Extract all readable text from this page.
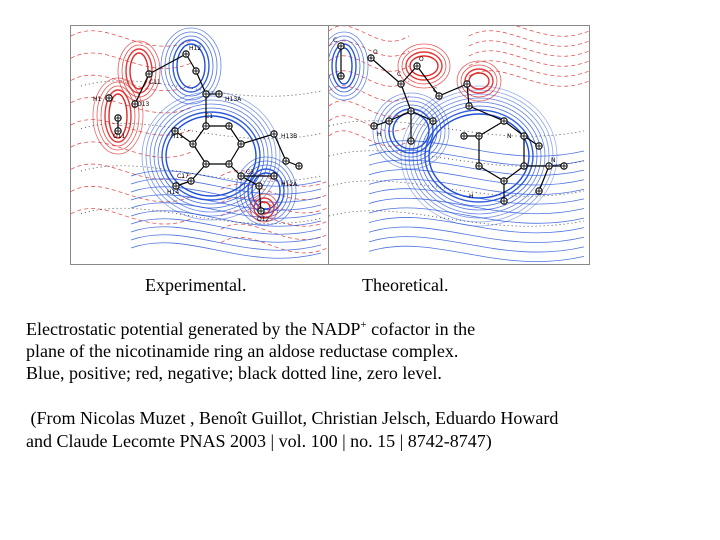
H1
O11
C11
O13
H12
H13A
C1
H11	H13B
C17
C3
H14
H12A
O12
C
O
C
O
N
H
C
H
N
Experimental.	Theoretical.

Electrostatic potential generated by the NADP+ cofactor in the

plane of the nicotinamide ring an aldose reductase complex.

Blue, positive; red, negative; black dotted line, zero level.

(From Nicolas Muzet , Benoît Guillot, Christian Jelsch, Eduardo Howard

and Claude Lecomte PNAS 2003 | vol. 100 | no. 15 | 8742-8747)
